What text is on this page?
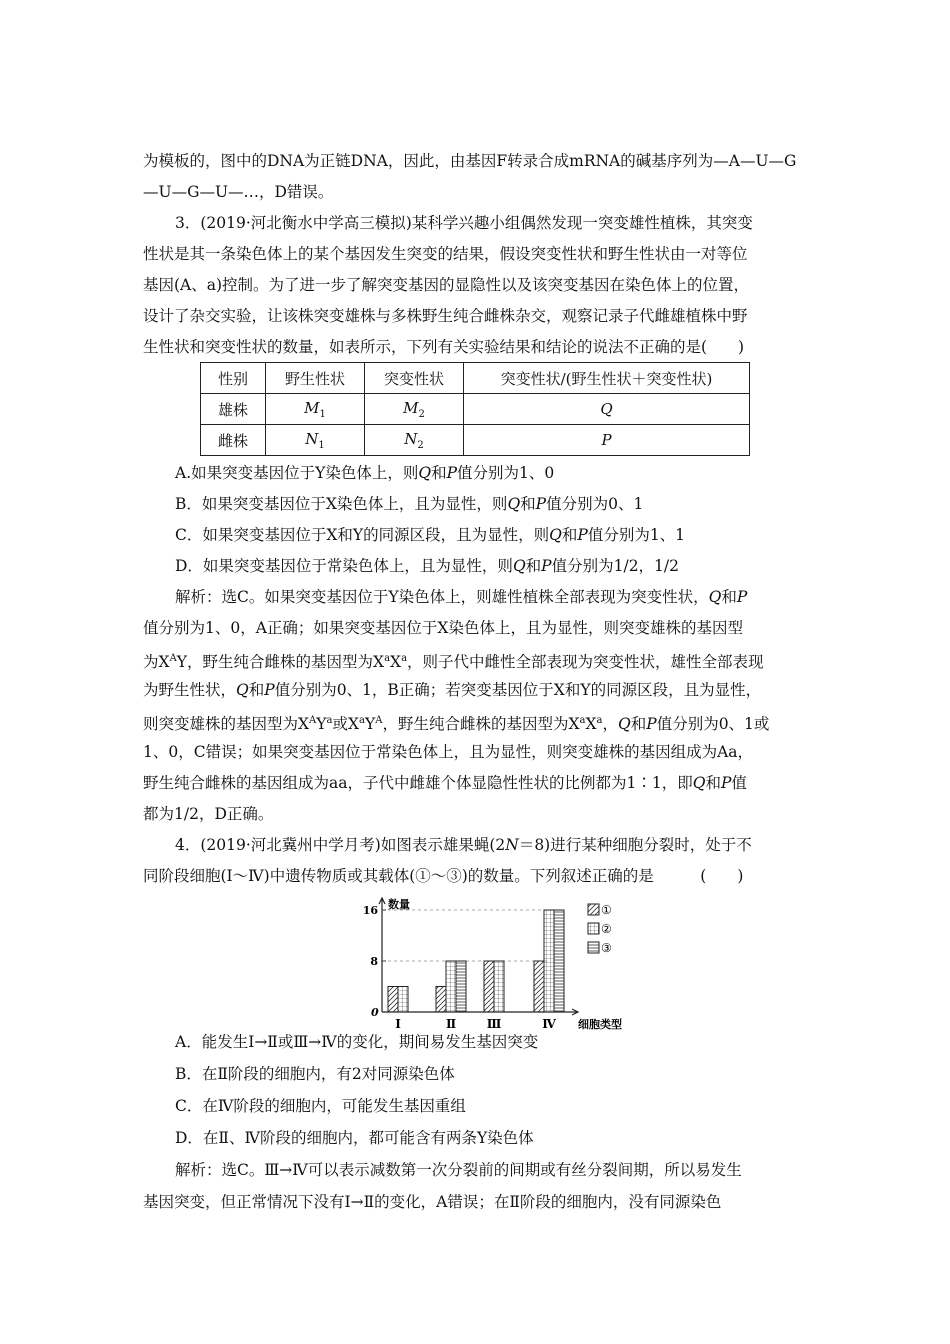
为模板的，图中的DNA为正链DNA，因此，由基因F转录合成mRNA的碱基序列为—A—U—G
—U—G—U—…，D错误。
3．(2019·河北衡水中学高三模拟)某科学兴趣小组偶然发现一突变雄性植株，其突变
性状是其一条染色体上的某个基因发生突变的结果，假设突变性状和野生性状由一对等位
基因(A、a)控制。为了进一步了解突变基因的显隐性以及该突变基因在染色体上的位置，
设计了杂交实验，让该株突变雄株与多株野生纯合雌株杂交，观察记录子代雌雄植株中野
生性状和突变性状的数量，如表所示，下列有关实验结果和结论的说法不正确的是(　　)
性别	野生性状	突变性状	突变性状/(野生性状＋突变性状)
雄株	$M_1$	$M_2$	Q
雌株	$N_1$	$N_2$	P
A.如果突变基因位于Y染色体上，则Q和P值分别为1、0
B．如果突变基因位于X染色体上，且为显性，则Q和P值分别为0、1
C．如果突变基因位于X和Y的同源区段，且为显性，则Q和P值分别为1、1
D．如果突变基因位于常染色体上，且为显性，则Q和P值分别为1/2，1/2
解析：选C。如果突变基因位于Y染色体上，则雄性植株全部表现为突变性状，Q和P
值分别为1、0，A正确；如果突变基因位于X染色体上，且为显性，则突变雄株的基因型
为$X^AY$，野生纯合雌株的基因型为$X^aX^a$，则子代中雌性全部表现为突变性状，雄性全部表现
为野生性状，Q和P值分别为0、1，B正确；若突变基因位于X和Y的同源区段，且为显性，
则突变雄株的基因型为$X^AY^a$或$X^aY^A$，野生纯合雌株的基因型为$X^aX^a$，Q和P值分别为0、1或
1、0，C错误；如果突变基因位于常染色体上，且为显性，则突变雄株的基因组成为Aa，
野生纯合雌株的基因组成为aa，子代中雌雄个体显隐性性状的比例都为1∶1，即Q和P值
都为1/2，D正确。
4．(2019·河北冀州中学月考)如图表示雄果蝇(2N＝8)进行某种细胞分裂时，处于不
同阶段细胞(Ⅰ～Ⅳ)中遗传物质或其载体(①～③)的数量。下列叙述正确的是　　　(　　)
数量
细胞类型
0
8
16
Ⅰ	Ⅱ	Ⅲ	Ⅳ
①
②
③
A．能发生Ⅰ→Ⅱ或Ⅲ→Ⅳ的变化，期间易发生基因突变
B．在Ⅱ阶段的细胞内，有2对同源染色体
C．在Ⅳ阶段的细胞内，可能发生基因重组
D．在Ⅱ、Ⅳ阶段的细胞内，都可能含有两条Y染色体
解析：选C。Ⅲ→Ⅳ可以表示减数第一次分裂前的间期或有丝分裂间期，所以易发生
基因突变，但正常情况下没有Ⅰ→Ⅱ的变化，A错误；在Ⅱ阶段的细胞内，没有同源染色
